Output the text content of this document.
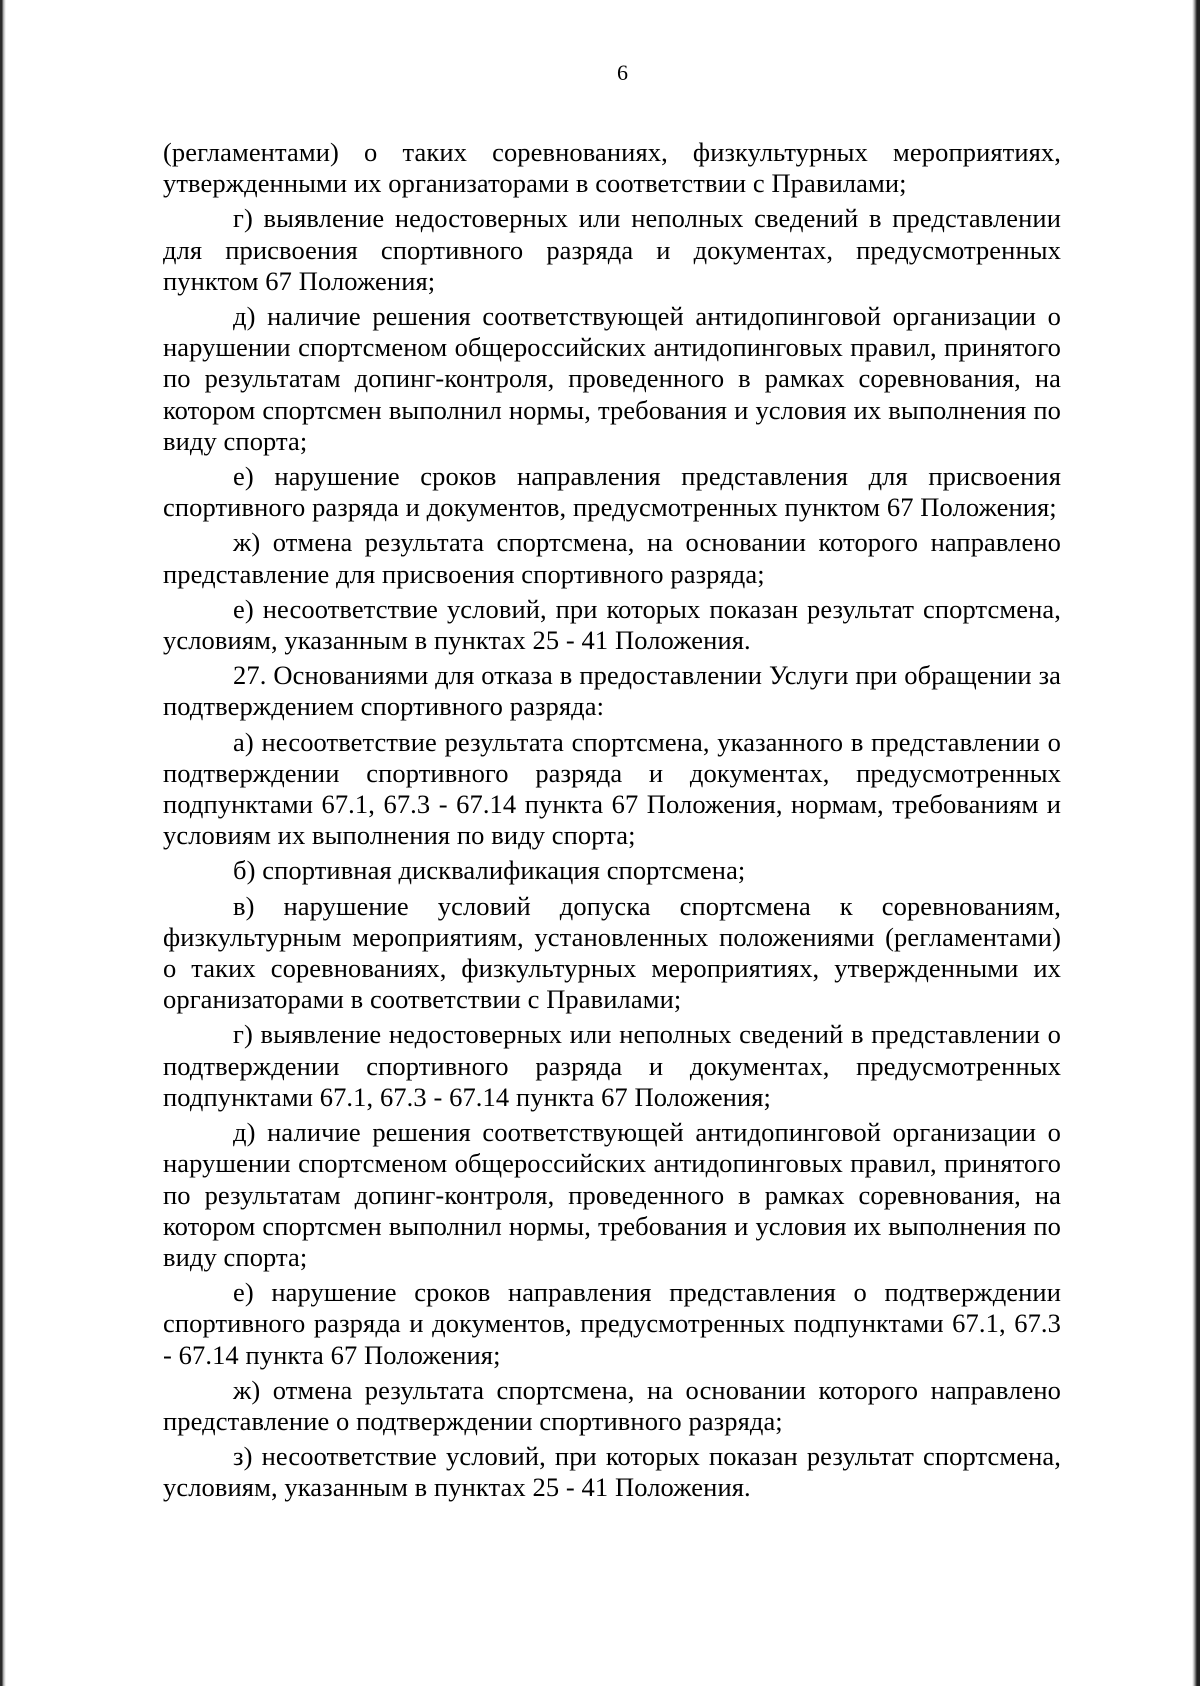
6

(регламентами) о таких соревнованиях, физкультурных мероприятиях, утвержденными их организаторами в соответствии с Правилами;

г) выявление недостоверных или неполных сведений в представлении для присвоения спортивного разряда и документах, предусмотренных пунктом 67 Положения;

д) наличие решения соответствующей антидопинговой организации о нарушении спортсменом общероссийских антидопинговых правил, принятого по результатам допинг-контроля, проведенного в рамках соревнования, на котором спортсмен выполнил нормы, требования и условия их выполнения по виду спорта;

е) нарушение сроков направления представления для присвоения спортивного разряда и документов, предусмотренных пунктом 67 Положения;

ж) отмена результата спортсмена, на основании которого направлено представление для присвоения спортивного разряда;

е) несоответствие условий, при которых показан результат спортсмена, условиям, указанным в пунктах 25 - 41 Положения.

27. Основаниями для отказа в предоставлении Услуги при обращении за подтверждением спортивного разряда:

а) несоответствие результата спортсмена, указанного в представлении о подтверждении спортивного разряда и документах, предусмотренных подпунктами 67.1, 67.3 - 67.14 пункта 67 Положения, нормам, требованиям и условиям их выполнения по виду спорта;

б) спортивная дисквалификация спортсмена;

в) нарушение условий допуска спортсмена к соревнованиям, физкультурным мероприятиям, установленных положениями (регламентами) о таких соревнованиях, физкультурных мероприятиях, утвержденными их организаторами в соответствии с Правилами;

г) выявление недостоверных или неполных сведений в представлении о подтверждении спортивного разряда и документах, предусмотренных подпунктами 67.1, 67.3 - 67.14 пункта 67 Положения;

д) наличие решения соответствующей антидопинговой организации о нарушении спортсменом общероссийских антидопинговых правил, принятого по результатам допинг-контроля, проведенного в рамках соревнования, на котором спортсмен выполнил нормы, требования и условия их выполнения по виду спорта;

е) нарушение сроков направления представления о подтверждении спортивного разряда и документов, предусмотренных подпунктами 67.1, 67.3 - 67.14 пункта 67 Положения;

ж) отмена результата спортсмена, на основании которого направлено представление о подтверждении спортивного разряда;

з) несоответствие условий, при которых показан результат спортсмена, условиям, указанным в пунктах 25 - 41 Положения.
